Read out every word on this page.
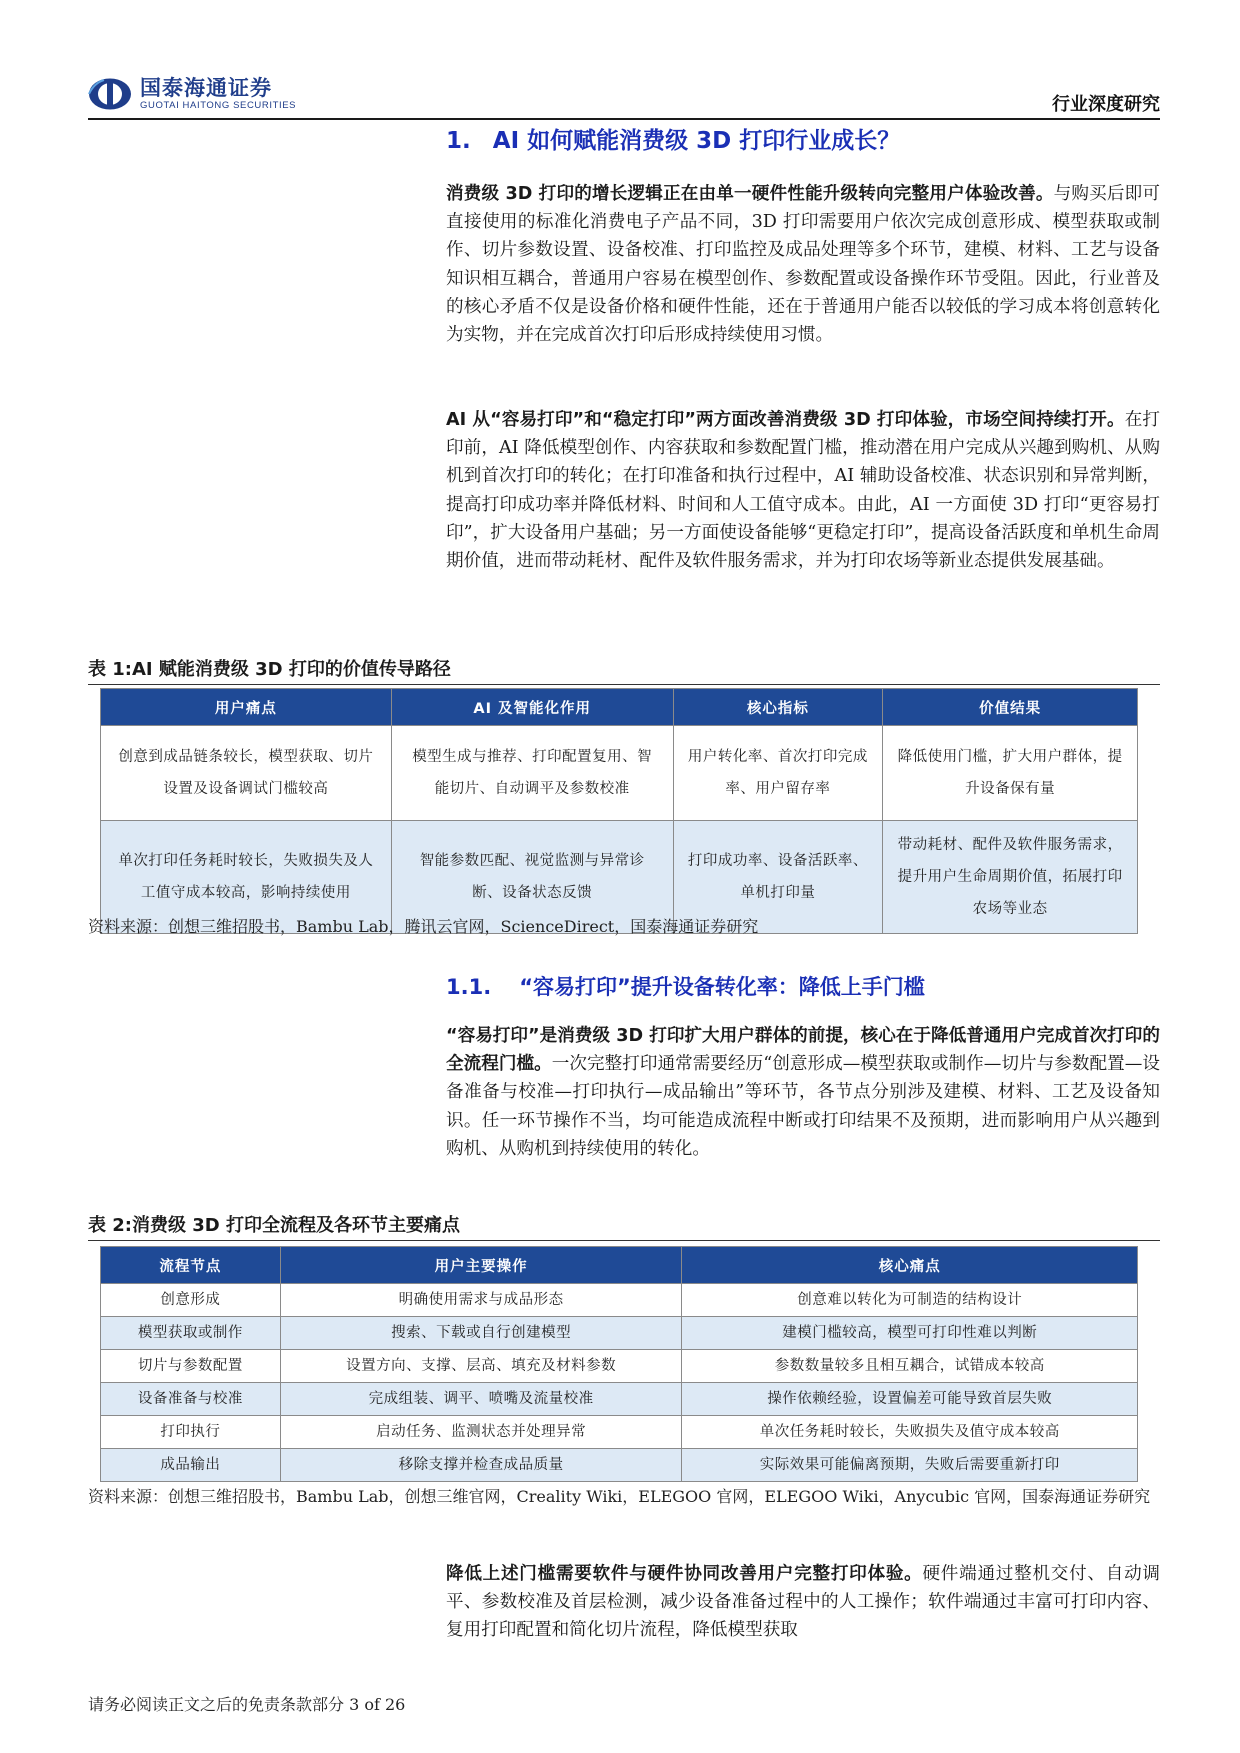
国泰海通证券
GUOTAI HAITONG SECURITIES	行业深度研究
1. AI 如何赋能消费级 3D 打印行业成长？
消费级 3D 打印的增长逻辑正在由单一硬件性能升级转向完整用户体验改善。与购买后即可直接使用的标准化消费电子产品不同，3D 打印需要用户依次完成创意形成、模型获取或制作、切片参数设置、设备校准、打印监控及成品处理等多个环节，建模、材料、工艺与设备知识相互耦合，普通用户容易在模型创作、参数配置或设备操作环节受阻。因此，行业普及的核心矛盾不仅是设备价格和硬件性能，还在于普通用户能否以较低的学习成本将创意转化为实物，并在完成首次打印后形成持续使用习惯。
AI 从“容易打印”和“稳定打印”两方面改善消费级 3D 打印体验，市场空间持续打开。在打印前，AI 降低模型创作、内容获取和参数配置门槛，推动潜在用户完成从兴趣到购机、从购机到首次打印的转化；在打印准备和执行过程中，AI 辅助设备校准、状态识别和异常判断，提高打印成功率并降低材料、时间和人工值守成本。由此，AI 一方面使 3D 打印“更容易打印”，扩大设备用户基础；另一方面使设备能够“更稳定打印”，提高设备活跃度和单机生命周期价值，进而带动耗材、配件及软件服务需求，并为打印农场等新业态提供发展基础。
表 1:AI 赋能消费级 3D 打印的价值传导路径
用户痛点	AI 及智能化作用	核心指标	价值结果
创意到成品链条较长，模型获取、切片设置及设备调试门槛较高	模型生成与推荐、打印配置复用、智能切片、自动调平及参数校准	用户转化率、首次打印完成率、用户留存率	降低使用门槛，扩大用户群体，提升设备保有量
单次打印任务耗时较长，失败损失及人工值守成本较高，影响持续使用	智能参数匹配、视觉监测与异常诊断、设备状态反馈	打印成功率、设备活跃率、单机打印量	带动耗材、配件及软件服务需求，提升用户生命周期价值，拓展打印农场等业态
资料来源：创想三维招股书，Bambu Lab，腾讯云官网，ScienceDirect，国泰海通证券研究
1.1. “容易打印”提升设备转化率：降低上手门槛
“容易打印”是消费级 3D 打印扩大用户群体的前提，核心在于降低普通用户完成首次打印的全流程门槛。一次完整打印通常需要经历“创意形成—模型获取或制作—切片与参数配置—设备准备与校准—打印执行—成品输出”等环节，各节点分别涉及建模、材料、工艺及设备知识。任一环节操作不当，均可能造成流程中断或打印结果不及预期，进而影响用户从兴趣到购机、从购机到持续使用的转化。
表 2:消费级 3D 打印全流程及各环节主要痛点
流程节点	用户主要操作	核心痛点
创意形成	明确使用需求与成品形态	创意难以转化为可制造的结构设计
模型获取或制作	搜索、下载或自行创建模型	建模门槛较高，模型可打印性难以判断
切片与参数配置	设置方向、支撑、层高、填充及材料参数	参数数量较多且相互耦合，试错成本较高
设备准备与校准	完成组装、调平、喷嘴及流量校准	操作依赖经验，设置偏差可能导致首层失败
打印执行	启动任务、监测状态并处理异常	单次任务耗时较长，失败损失及值守成本较高
成品输出	移除支撑并检查成品质量	实际效果可能偏离预期，失败后需要重新打印
资料来源：创想三维招股书，Bambu Lab，创想三维官网，Creality Wiki，ELEGOO 官网，ELEGOO Wiki，Anycubic 官网，国泰海通证券研究
降低上述门槛需要软件与硬件协同改善用户完整打印体验。硬件端通过整机交付、自动调平、参数校准及首层检测，减少设备准备过程中的人工操作；软件端通过丰富可打印内容、复用打印配置和简化切片流程，降低模型获取
请务必阅读正文之后的免责条款部分 3 of 26
